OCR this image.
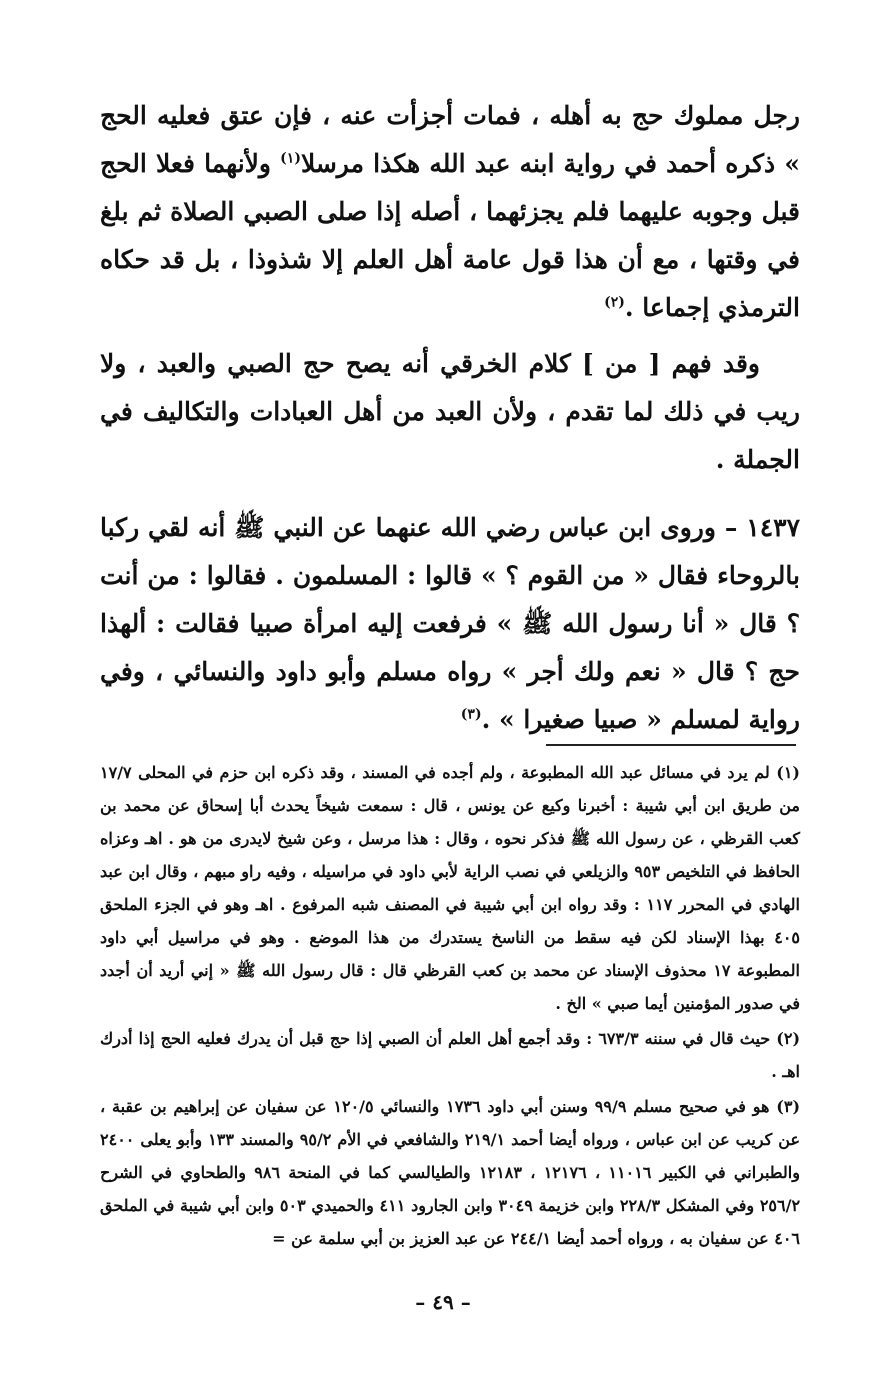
رجل مملوك حج به أهله ، فمات أجزأت عنه ، فإن عتق فعليه الحج » ذكره أحمد في رواية ابنه عبد الله هكذا مرسلا$^{(١)}$ ولأنهما فعلا الحج قبل وجوبه عليهما فلم يجزئهما ، أصله إذا صلى الصبي الصلاة ثم بلغ في وقتها ، مع أن هذا قول عامة أهل العلم إلا شذوذا ، بل قد حكاه الترمذي إجماعا .$^{(٢)}$

وقد فهم [ من ] كلام الخرقي أنه يصح حج الصبي والعبد ، ولا ريب في ذلك لما تقدم ، ولأن العبد من أهل العبادات والتكاليف في الجملة .

١٤٣٧ – وروى ابن عباس رضي الله عنهما عن النبي ﷺ أنه لقي ركبا بالروحاء فقال « من القوم ؟ » قالوا : المسلمون . فقالوا : من أنت ؟ قال « أنا رسول الله ﷺ » فرفعت إليه امرأة صبيا فقالت : ألهذا حج ؟ قال « نعم ولك أجر » رواه مسلم وأبو داود والنسائي ، وفي رواية لمسلم « صبيا صغيرا » .$^{(٣)}$

(١) لم يرد في مسائل عبد الله المطبوعة ، ولم أجده في المسند ، وقد ذكره ابن حزم في المحلى ١٧/٧ من طريق ابن أبي شيبة : أخبرنا وكيع عن يونس ، قال : سمعت شيخاً يحدث أبا إسحاق عن محمد بن كعب القرظي ، عن رسول الله ﷺ فذكر نحوه ، وقال : هذا مرسل ، وعن شيخ لايدرى من هو . اهـ وعزاه الحافظ في التلخيص ٩٥٣ والزيلعي في نصب الراية لأبي داود في مراسيله ، وفيه راو مبهم ، وقال ابن عبد الهادي في المحرر ١١٧ : وقد رواه ابن أبي شيبة في المصنف شبه المرفوع . اهـ وهو في الجزء الملحق ٤٠٥ بهذا الإسناد لكن فيه سقط من الناسخ يستدرك من هذا الموضع . وهو في مراسيل أبي داود المطبوعة ١٧ محذوف الإسناد عن محمد بن كعب القرظي قال : قال رسول الله ﷺ « إني أريد أن أجدد في صدور المؤمنين أيما صبي » الخ .

(٢) حيث قال في سننه ٦٧٣/٣ : وقد أجمع أهل العلم أن الصبي إذا حج قبل أن يدرك فعليه الحج إذا أدرك اهـ .

(٣) هو في صحيح مسلم ٩٩/٩ وسنن أبي داود ١٧٣٦ والنسائي ١٢٠/٥ عن سفيان عن إبراهيم بن عقبة ، عن كريب عن ابن عباس ، ورواه أيضا أحمد ٢١٩/١ والشافعي في الأم ٩٥/٢ والمسند ١٣٣ وأبو يعلى ٢٤٠٠ والطبراني في الكبير ١١٠١٦ ، ١٢١٧٦ ، ١٢١٨٣ والطيالسي كما في المنحة ٩٨٦ والطحاوي في الشرح ٢٥٦/٢ وفي المشكل ٢٢٨/٣ وابن خزيمة ٣٠٤٩ وابن الجارود ٤١١ والحميدي ٥٠٣ وابن أبي شيبة في الملحق ٤٠٦ عن سفيان به ، ورواه أحمد أيضا ٢٤٤/١ عن عبد العزيز بن أبي سلمة عن =

– ٤٩ –
